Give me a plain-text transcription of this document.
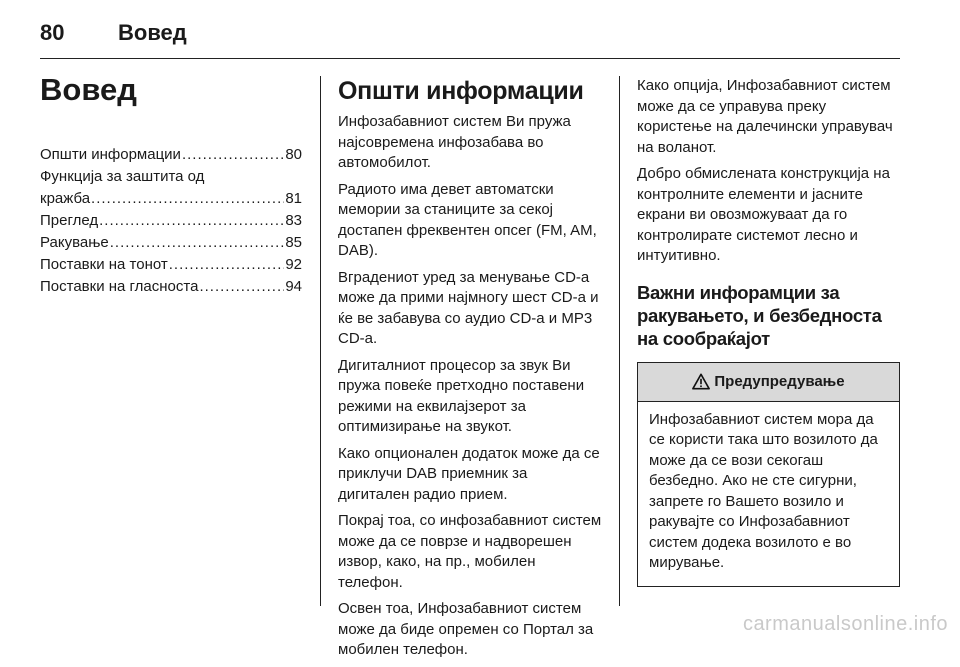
80 Вовед
Вовед
Општи информации .....	80
Функција за заштита од
кражба .....	81
Преглед .....	83
Ракување .....	85
Поставки на тонот .....	92
Поставки на гласноста .....	94
Општи информации

Инфозабавниот систем Ви пружа најсовремена инфозабава во автомобилот.

Радиото има девет автоматски мемории за станиците за секој достапен фреквентен опсег (FM, AM, DAB).

Вградениот уред за менување CD-а може да прими најмногу шест CD-а и ќе ве забавува со аудио CD-а и MP3 CD-a.

Дигиталниот процесор за звук Ви пружа повеќе претходно поставени режими на еквилајзерот за оптимизирање на звукот.

Како опционален додаток може да се приклучи DAB приемник за дигитален радио прием.

Покрај тоа, со инфозабавниот систем може да се поврзе и надворешен извор, како, на пр., мобилен телефон.

Освен тоа, Инфозабавниот систем може да биде опремен со Портал за мобилен телефон.

Како опција, Инфозабавниот систем може да се управува преку користење на далечински управувач на воланот.

Добро обмислената конструкција на контролните елементи и јасните екрани ви овозможуваат да го контролирате системот лесно и интуитивно.

Важни инфорамции за ракувањето, и безбедноста на сообраќајот
Предупредување

Инфозабавниот систем мора да се користи така што возилото да може да се вози секогаш безбедно. Ако не сте сигурни, запрете го Вашето возило и ракувајте со Инфозабавниот систем додека возилото е во мирување.

carmanualsonline.info
